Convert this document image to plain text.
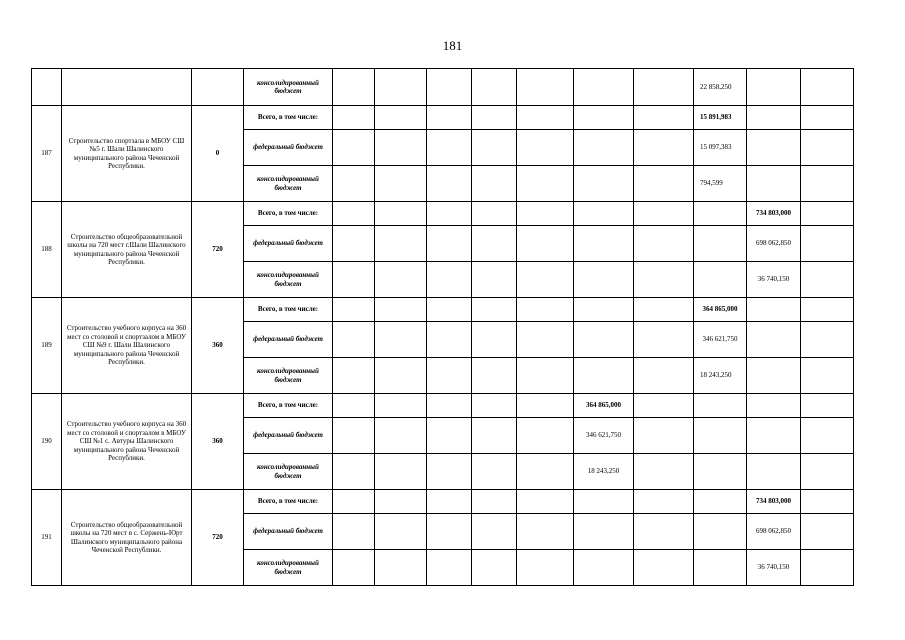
181
			консолидированный бюджет								22 858,250		
187	Строительство спортзала в МБОУ СШ №5 г. Шали Шалинского муниципального района Чеченской Республики.	0	Всего, в том числе:								15 891,983		
			федеральный бюджет								15 097,383		
			консолидированный бюджет								794,599		
188	Строительство общеобразовательной школы на 720 мест г.Шали Шалинского муниципального района Чеченской Республики.	720	Всего, в том числе:									734 803,000	
			федеральный бюджет									698 062,850	
			консолидированный бюджет									36 740,150	
189	Строительство учебного корпуса на 360 мест со столовой и спортзалом в МБОУ СШ №9 г. Шали Шалинского муниципального района Чеченской Республики.	360	Всего, в том числе:								364 865,000		
			федеральный бюджет								346 621,750		
			консолидированный бюджет								18 243,250		
190	Строительство учебного корпуса на 360 мест со столовой и спортзалом в МБОУ СШ №1 с. Автуры Шалинского муниципального района Чеченской Республики.	360	Всего, в том числе:						364 865,000				
			федеральный бюджет						346 621,750				
			консолидированный бюджет						18 243,250				
191	Строительство общеобразовательной школы на 720 мест в с. Сержень-Юрт Шалинского муниципального района Чеченской Республики.	720	Всего, в том числе:									734 803,000	
			федеральный бюджет									698 062,850	
			консолидированный бюджет									36 740,150	
